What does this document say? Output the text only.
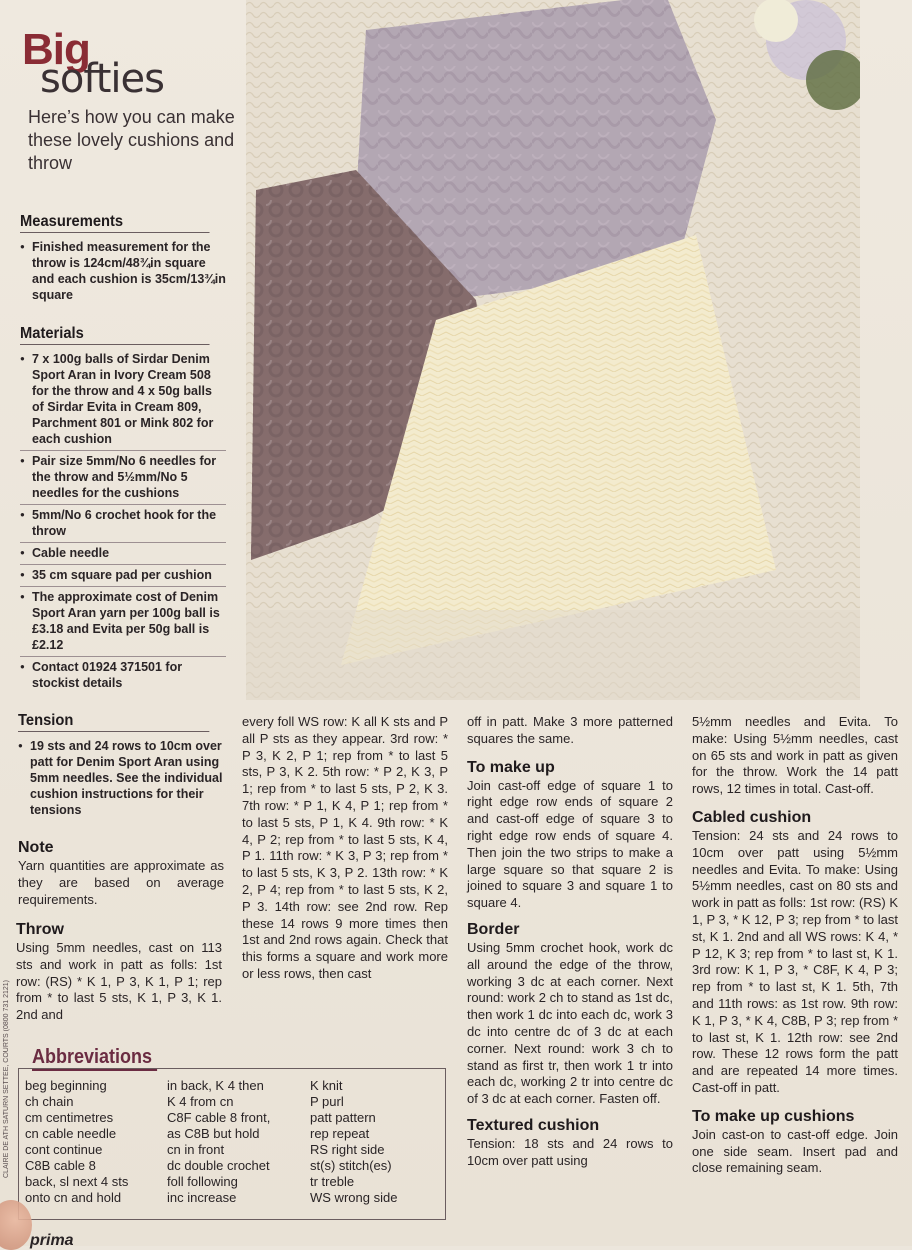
Big
softies
Here’s how you can make these lovely cushions and throw
Measurements
● Finished measurement for the throw is 124cm/48¾in square and each cushion is 35cm/13¾in square
Materials
● 7 x 100g balls of Sirdar Denim Sport Aran in Ivory Cream 508 for the throw and 4 x 50g balls of Sirdar Evita in Cream 809, Parchment 801 or Mink 802 for each cushion
● Pair size 5mm/No 6 needles for the throw and 5½mm/No 5 needles for the cushions
● 5mm/No 6 crochet hook for the throw
● Cable needle
● 35 cm square pad per cushion
● The approximate cost of Denim Sport Aran yarn per 100g ball is £3.18 and Evita per 50g ball is £2.12
● Contact 01924 371501 for stockist details
Tension
● 19 sts and 24 rows to 10cm over patt for Denim Sport Aran using 5mm needles. See the individual cushion instructions for their tensions
Note
Yarn quantities are approximate as they are based on average requirements.
Throw
Using 5mm needles, cast on 113 sts and work in patt as folls: 1st row: (RS) * K 1, P 3, K 1, P 1; rep from * to last 5 sts, K 1, P 3, K 1. 2nd and
every foll WS row: K all K sts and P all P sts as they appear. 3rd row: * P 3, K 2, P 1; rep from * to last 5 sts, P 3, K 2. 5th row: * P 2, K 3, P 1; rep from * to last 5 sts, P 2, K 3. 7th row: * P 1, K 4, P 1; rep from * to last 5 sts, P 1, K 4. 9th row: * K 4, P 2; rep from * to last 5 sts, K 4, P 1. 11th row: * K 3, P 3; rep from * to last 5 sts, K 3, P 2. 13th row: * K 2, P 4; rep from * to last 5 sts, K 2, P 3. 14th row: see 2nd row. Rep these 14 rows 9 more times then 1st and 2nd rows again. Check that this forms a square and work more or less rows, then cast
off in patt. Make 3 more patterned squares the same.
To make up
Join cast-off edge of square 1 to right edge row ends of square 2 and cast-off edge of square 3 to right edge row ends of square 4. Then join the two strips to make a large square so that square 2 is joined to square 3 and square 1 to square 4.
Border
Using 5mm crochet hook, work dc all around the edge of the throw, working 3 dc at each corner. Next round: work 2 ch to stand as 1st dc, then work 1 dc into each dc, work 3 dc into centre dc of 3 dc at each corner. Next round: work 3 ch to stand as first tr, then work 1 tr into each dc, working 2 tr into centre dc of 3 dc at each corner. Fasten off.
Textured cushion
Tension: 18 sts and 24 rows to 10cm over patt using
5½mm needles and Evita. To make: Using 5½mm needles, cast on 65 sts and work in patt as given for the throw. Work the 14 patt rows, 12 times in total. Cast-off.
Cabled cushion
Tension: 24 sts and 24 rows to 10cm over patt using 5½mm needles and Evita. To make: Using 5½mm needles, cast on 80 sts and work in patt as folls: 1st row: (RS) K 1, P 3, * K 12, P 3; rep from * to last st, K 1. 2nd and all WS rows: K 4, * P 12, K 3; rep from * to last st, K 1. 3rd row: K 1, P 3, * C8F, K 4, P 3; rep from * to last st, K 1. 5th, 7th and 11th rows: as 1st row. 9th row: K 1, P 3, * K 4, C8B, P 3; rep from * to last st, K 1. 12th row: see 2nd row. These 12 rows form the patt and are repeated 14 more times. Cast-off in patt.
To make up cushions
Join cast-on to cast-off edge. Join one side seam. Insert pad and close remaining seam.
Abbreviations
beg beginning
ch chain
cm centimetres
cn cable needle
cont continue
C8B cable 8
back, sl next 4 sts
onto cn and hold
in back, K 4 then
K 4 from cn
C8F cable 8 front,
as C8B but hold
cn in front
dc double crochet
foll following
inc increase
K knit
P purl
patt pattern
rep repeat
RS right side
st(s) stitch(es)
tr treble
WS wrong side
CLAIRE DE ATH SATURN SETTEE, COURTS (0800 731 2121)
prima
